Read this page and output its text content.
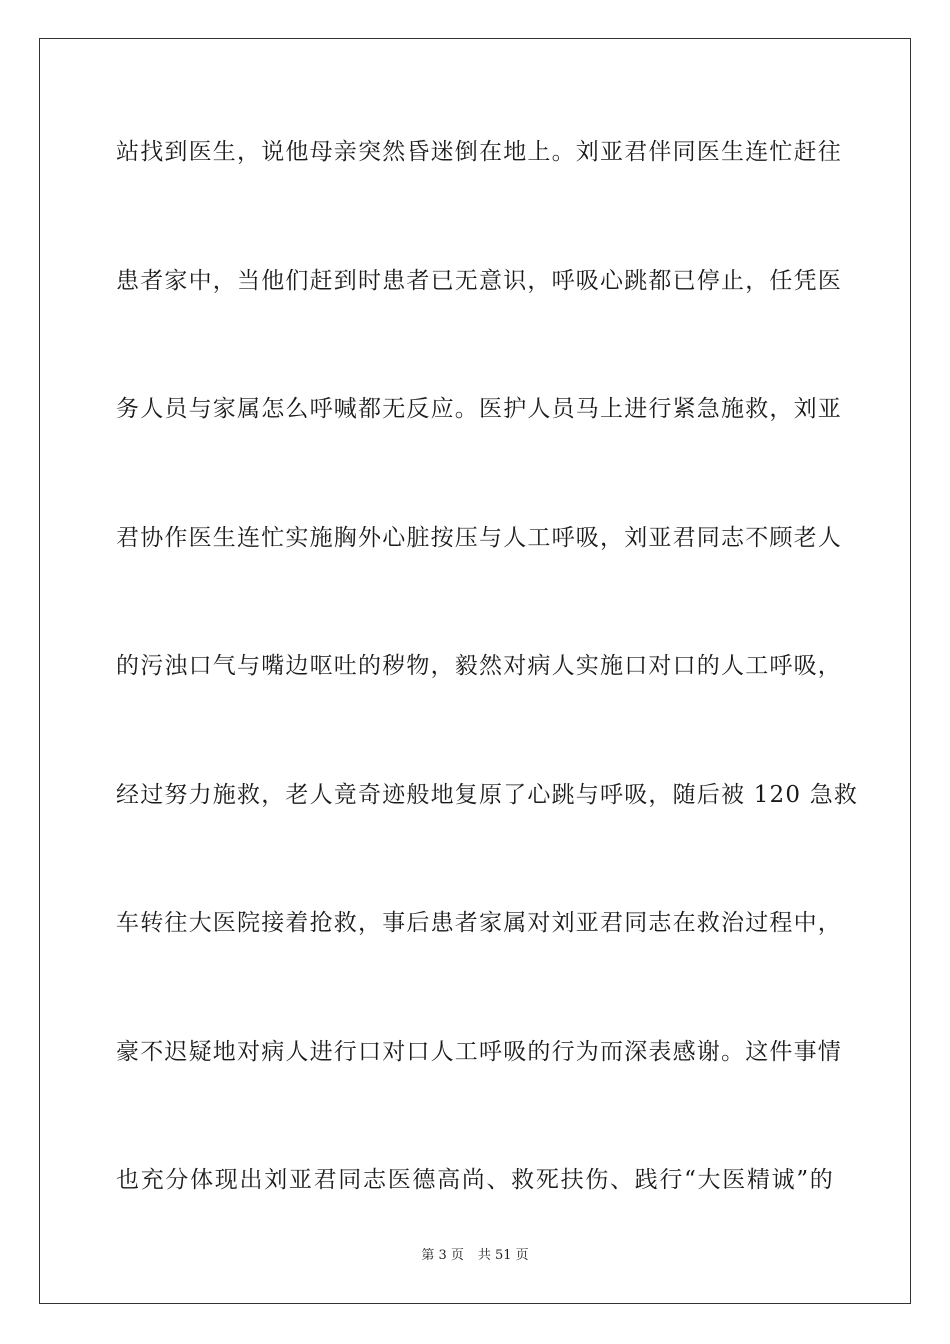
站找到医生，说他母亲突然昏迷倒在地上。刘亚君伴同医生连忙赶往
患者家中，当他们赶到时患者已无意识，呼吸心跳都已停止，任凭医
务人员与家属怎么呼喊都无反应。医护人员马上进行紧急施救，刘亚
君协作医生连忙实施胸外心脏按压与人工呼吸，刘亚君同志不顾老人
的污浊口气与嘴边呕吐的秽物，毅然对病人实施口对口的人工呼吸，
经过努力施救，老人竟奇迹般地复原了心跳与呼吸，随后被 120 急救
车转往大医院接着抢救，事后患者家属对刘亚君同志在救治过程中，
豪不迟疑地对病人进行口对口人工呼吸的行为而深表感谢。这件事情
也充分体现出刘亚君同志医德高尚、救死扶伤、践行“大医精诚”的
第 3 页 共 51 页
